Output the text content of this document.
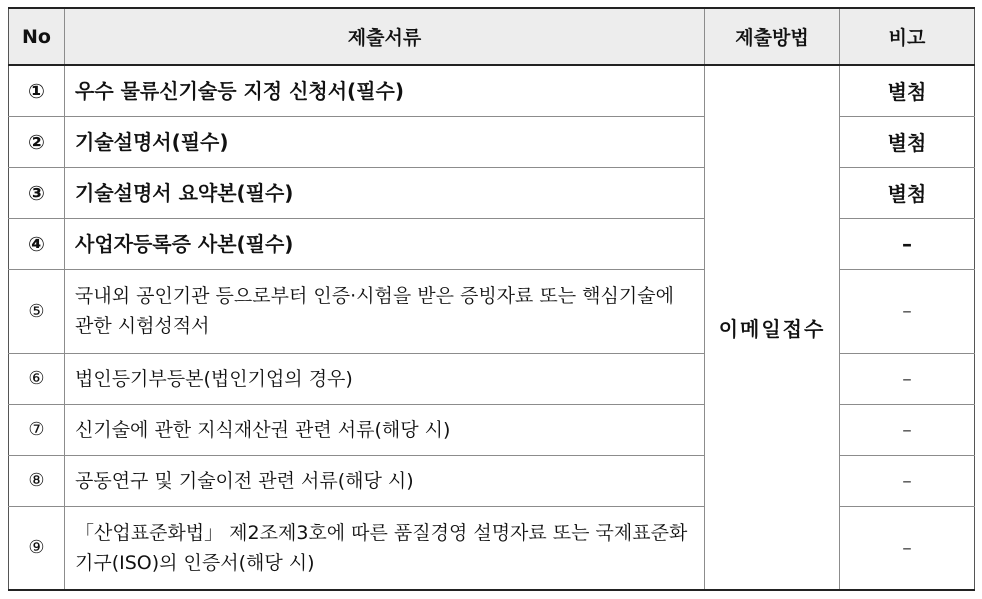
No	제출서류	제출방법	비고
①	우수 물류신기술등 지정 신청서(필수)	이메일접수	별첨
②	기술설명서(필수)		별첨
③	기술설명서 요약본(필수)		별첨
④	사업자등록증 사본(필수)		–
⑤	국내외 공인기관 등으로부터 인증·시험을 받은 증빙자료 또는 핵심기술에 관한 시험성적서		–
⑥	법인등기부등본(법인기업의 경우)		–
⑦	신기술에 관한 지식재산권 관련 서류(해당 시)		–
⑧	공동연구 및 기술이전 관련 서류(해당 시)		–
⑨	「산업표준화법」 제2조제3호에 따른 품질경영 설명자료 또는 국제표준화기구(ISO)의 인증서(해당 시)		–
